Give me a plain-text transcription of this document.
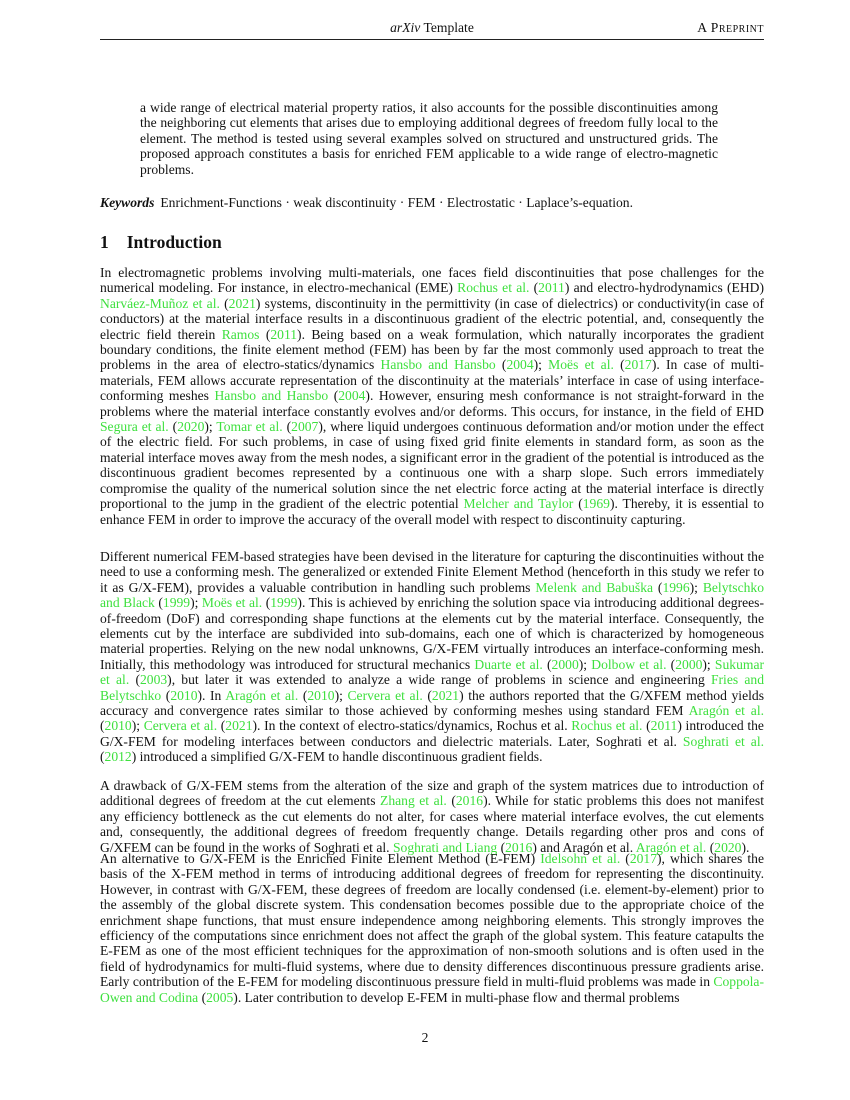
arXiv Template	A Preprint

a wide range of electrical material property ratios, it also accounts for the possible discontinuities among the neighboring cut elements that arises due to employing additional degrees of freedom fully local to the element. The method is tested using several examples solved on structured and unstructured grids. The proposed approach constitutes a basis for enriched FEM applicable to a wide range of electro-magnetic problems.

Keywords Enrichment-Functions · weak discontinuity · FEM · Electrostatic · Laplace’s-equation.
1 Introduction

In electromagnetic problems involving multi-materials, one faces field discontinuities that pose challenges for the numerical modeling. For instance, in electro-mechanical (EME) Rochus et al. (2011) and electro-hydrodynamics (EHD) Narváez-Muñoz et al. (2021) systems, discontinuity in the permittivity (in case of dielectrics) or conductivity(in case of conductors) at the material interface results in a discontinuous gradient of the electric potential, and, consequently the electric field therein Ramos (2011). Being based on a weak formulation, which naturally incorporates the gradient boundary conditions, the finite element method (FEM) has been by far the most commonly used approach to treat the problems in the area of electro-statics/dynamics Hansbo and Hansbo (2004); Moës et al. (2017). In case of multi-materials, FEM allows accurate representation of the discontinuity at the materials’ interface in case of using interface-conforming meshes Hansbo and Hansbo (2004). However, ensuring mesh conformance is not straight-forward in the problems where the material interface constantly evolves and/or deforms. This occurs, for instance, in the field of EHD Segura et al. (2020); Tomar et al. (2007), where liquid undergoes continuous deformation and/or motion under the effect of the electric field. For such problems, in case of using fixed grid finite elements in standard form, as soon as the material interface moves away from the mesh nodes, a significant error in the gradient of the potential is introduced as the discontinuous gradient becomes represented by a continuous one with a sharp slope. Such errors immediately compromise the quality of the numerical solution since the net electric force acting at the material interface is directly proportional to the jump in the gradient of the electric potential Melcher and Taylor (1969). Thereby, it is essential to enhance FEM in order to improve the accuracy of the overall model with respect to discontinuity capturing.

Different numerical FEM-based strategies have been devised in the literature for capturing the discontinuities without the need to use a conforming mesh. The generalized or extended Finite Element Method (henceforth in this study we refer to it as G/X-FEM), provides a valuable contribution in handling such problems Melenk and Babuška (1996); Belytschko and Black (1999); Moës et al. (1999). This is achieved by enriching the solution space via introducing additional degrees-of-freedom (DoF) and corresponding shape functions at the elements cut by the material interface. Consequently, the elements cut by the interface are subdivided into sub-domains, each one of which is characterized by homogeneous material properties. Relying on the new nodal unknowns, G/X-FEM virtually introduces an interface-conforming mesh. Initially, this methodology was introduced for structural mechanics Duarte et al. (2000); Dolbow et al. (2000); Sukumar et al. (2003), but later it was extended to analyze a wide range of problems in science and engineering Fries and Belytschko (2010). In Aragón et al. (2010); Cervera et al. (2021) the authors reported that the G/XFEM method yields accuracy and convergence rates similar to those achieved by conforming meshes using standard FEM Aragón et al. (2010); Cervera et al. (2021). In the context of electro-statics/dynamics, Rochus et al. Rochus et al. (2011) introduced the G/X-FEM for modeling interfaces between conductors and dielectric materials. Later, Soghrati et al. Soghrati et al. (2012) introduced a simplified G/X-FEM to handle discontinuous gradient fields.

A drawback of G/X-FEM stems from the alteration of the size and graph of the system matrices due to introduction of additional degrees of freedom at the cut elements Zhang et al. (2016). While for static problems this does not manifest any efficiency bottleneck as the cut elements do not alter, for cases where material interface evolves, the cut elements and, consequently, the additional degrees of freedom frequently change. Details regarding other pros and cons of G/XFEM can be found in the works of Soghrati et al. Soghrati and Liang (2016) and Aragón et al. Aragón et al. (2020).

An alternative to G/X-FEM is the Enriched Finite Element Method (E-FEM) Idelsohn et al. (2017), which shares the basis of the X-FEM method in terms of introducing additional degrees of freedom for representing the discontinuity. However, in contrast with G/X-FEM, these degrees of freedom are locally condensed (i.e. element-by-element) prior to the assembly of the global discrete system. This condensation becomes possible due to the appropriate choice of the enrichment shape functions, that must ensure independence among neighboring elements. This strongly improves the efficiency of the computations since enrichment does not affect the graph of the global system. This feature catapults the E-FEM as one of the most efficient techniques for the approximation of non-smooth solutions and is often used in the field of hydrodynamics for multi-fluid systems, where due to density differences discontinuous pressure gradients arise. Early contribution of the E-FEM for modeling discontinuous pressure field in multi-fluid problems was made in Coppola-Owen and Codina (2005). Later contribution to develop E-FEM in multi-phase flow and thermal problems

2
